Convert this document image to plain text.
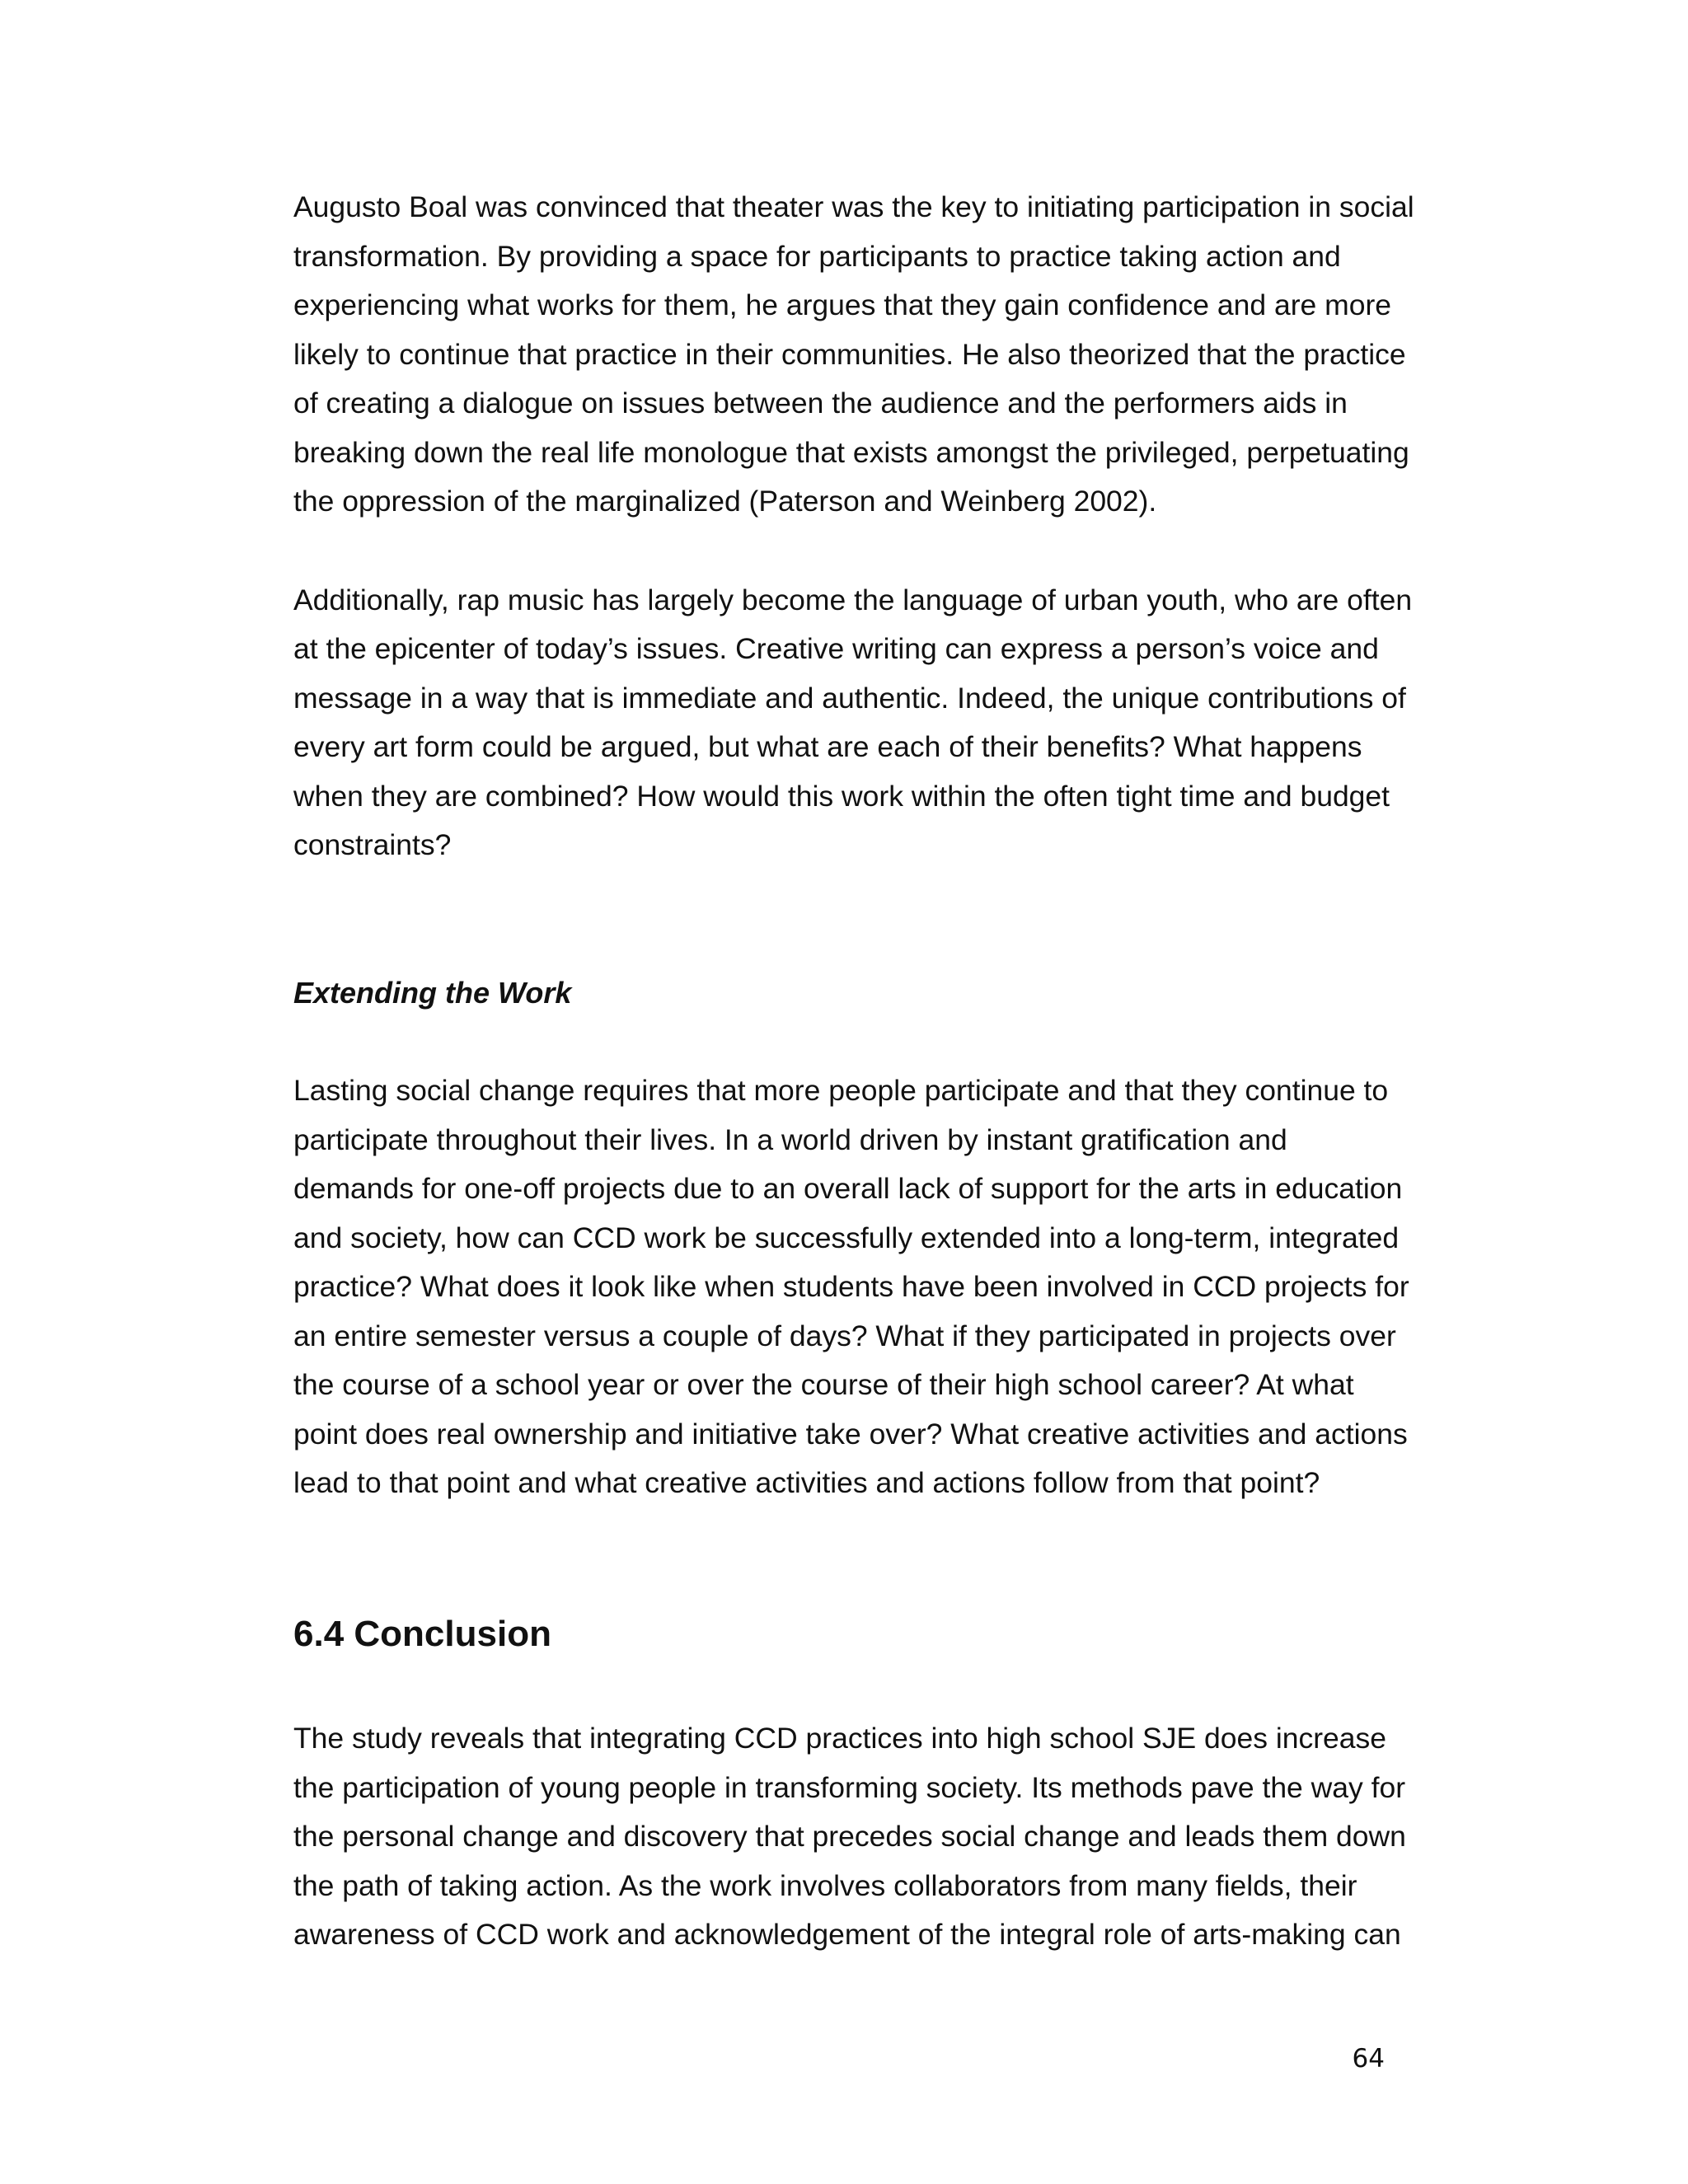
Augusto Boal was convinced that theater was the key to initiating participation in social
transformation. By providing a space for participants to practice taking action and
experiencing what works for them, he argues that they gain confidence and are more
likely to continue that practice in their communities. He also theorized that the practice
of creating a dialogue on issues between the audience and the performers aids in
breaking down the real life monologue that exists amongst the privileged, perpetuating
the oppression of the marginalized (Paterson and Weinberg 2002).

Additionally, rap music has largely become the language of urban youth, who are often
at the epicenter of today’s issues. Creative writing can express a person’s voice and
message in a way that is immediate and authentic. Indeed, the unique contributions of
every art form could be argued, but what are each of their benefits? What happens
when they are combined? How would this work within the often tight time and budget
constraints?

Extending the Work

Lasting social change requires that more people participate and that they continue to
participate throughout their lives. In a world driven by instant gratification and
demands for one-off projects due to an overall lack of support for the arts in education
and society, how can CCD work be successfully extended into a long-term, integrated
practice? What does it look like when students have been involved in CCD projects for
an entire semester versus a couple of days? What if they participated in projects over
the course of a school year or over the course of their high school career? At what
point does real ownership and initiative take over? What creative activities and actions
lead to that point and what creative activities and actions follow from that point?

6.4 Conclusion

The study reveals that integrating CCD practices into high school SJE does increase
the participation of young people in transforming society. Its methods pave the way for
the personal change and discovery that precedes social change and leads them down
the path of taking action. As the work involves collaborators from many fields, their
awareness of CCD work and acknowledgement of the integral role of arts-making can

64
